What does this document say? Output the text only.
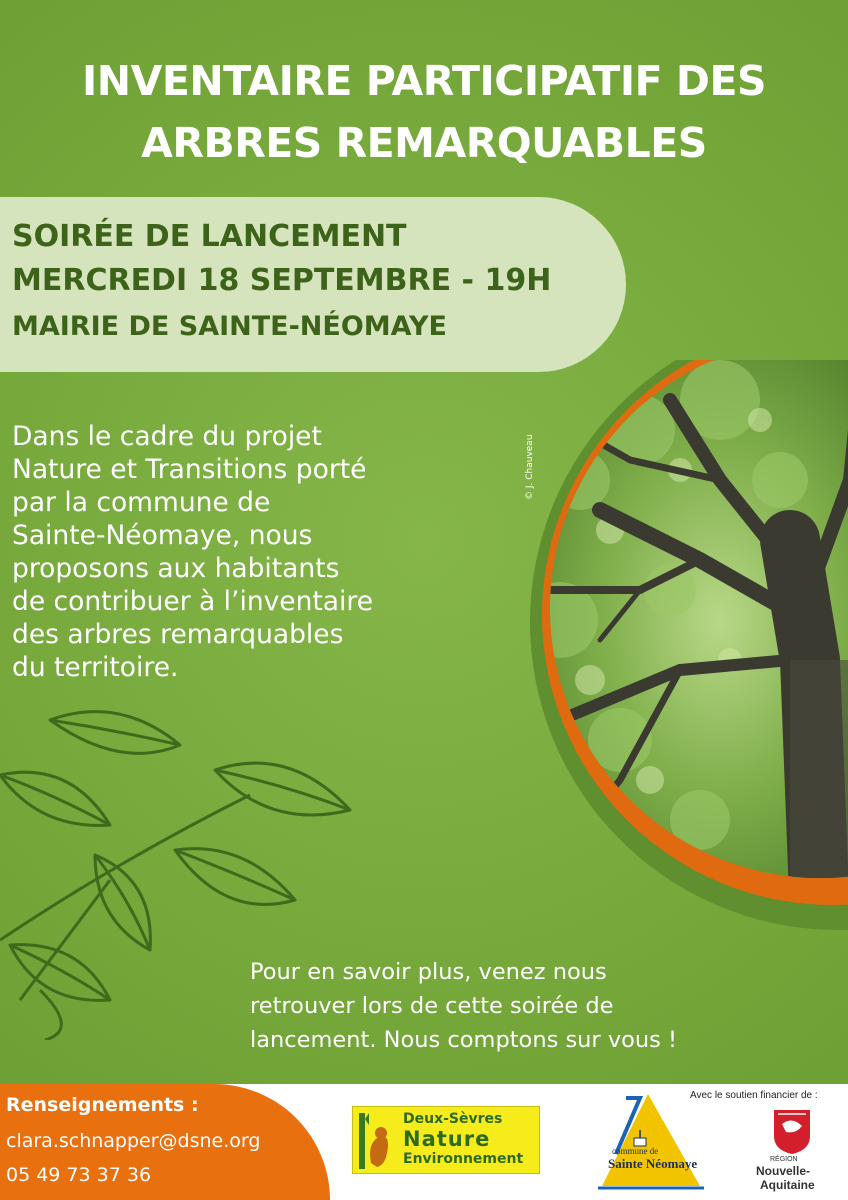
INVENTAIRE PARTICIPATIF DES
ARBRES REMARQUABLES

SOIRÉE DE LANCEMENT

MERCREDI 18 SEPTEMBRE - 19H

MAIRIE DE SAINTE-NÉOMAYE

Dans le cadre du projet
Nature et Transitions porté
par la commune de
Sainte-Néomaye, nous
proposons aux habitants
de contribuer à l’inventaire
des arbres remarquables
du territoire.
© J. Chauveau
Pour en savoir plus, venez nous
retrouver lors de cette soirée de
lancement. Nous comptons sur vous !

Renseignements :

clara.schnapper@dsne.org

05 49 73 37 36

Avec le soutien financier de :

Deux-Sèvres

Nature

Environnement	commune de

Sainte Néomaye	RÉGION

Nouvelle-

Aquitaine
